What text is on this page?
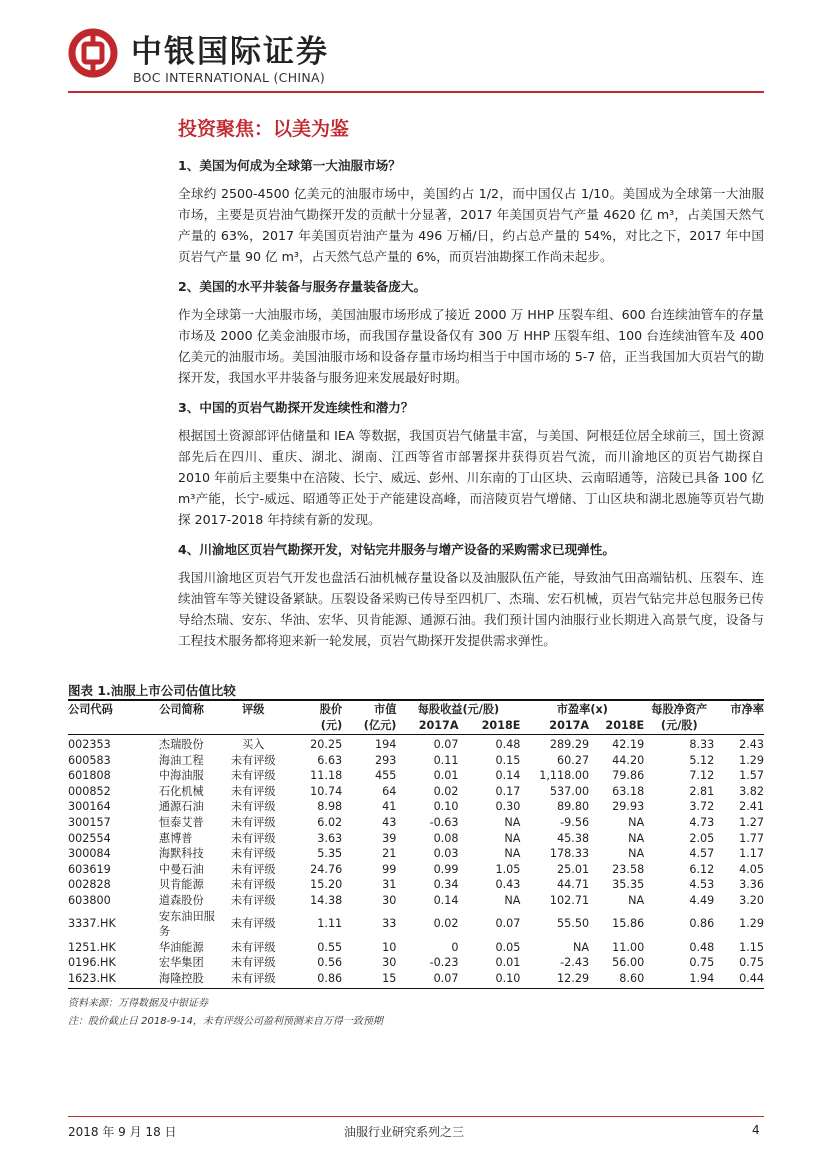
中银国际证券
BOC INTERNATIONAL (CHINA)
投资聚焦：以美为鉴
1、美国为何成为全球第一大油服市场？
全球约 2500-4500 亿美元的油服市场中，美国约占 1/2，而中国仅占 1/10。美国成为全球第一大油服市场，主要是页岩油气勘探开发的贡献十分显著，2017 年美国页岩气产量 4620 亿 m³，占美国天然气产量的 63%，2017 年美国页岩油产量为 496 万桶/日，约占总产量的 54%，对比之下，2017 年中国页岩气产量 90 亿 m³，占天然气总产量的 6%，而页岩油勘探工作尚未起步。
2、美国的水平井装备与服务存量装备庞大。
作为全球第一大油服市场，美国油服市场形成了接近 2000 万 HHP 压裂车组、600 台连续油管车的存量市场及 2000 亿美金油服市场，而我国存量设备仅有 300 万 HHP 压裂车组、100 台连续油管车及 400 亿美元的油服市场。美国油服市场和设备存量市场均相当于中国市场的 5-7 倍，正当我国加大页岩气的勘探开发，我国水平井装备与服务迎来发展最好时期。
3、中国的页岩气勘探开发连续性和潜力？
根据国土资源部评估储量和 IEA 等数据，我国页岩气储量丰富，与美国、阿根廷位居全球前三，国土资源部先后在四川、重庆、湖北、湖南、江西等省市部署探井获得页岩气流，而川渝地区的页岩气勘探自 2010 年前后主要集中在涪陵、长宁、威远、彭州、川东南的丁山区块、云南昭通等，涪陵已具备 100 亿 m³产能，长宁-威远、昭通等正处于产能建设高峰，而涪陵页岩气增储、丁山区块和湖北恩施等页岩气勘探 2017-2018 年持续有新的发现。
4、川渝地区页岩气勘探开发，对钻完井服务与增产设备的采购需求已现弹性。
我国川渝地区页岩气开发也盘活石油机械存量设备以及油服队伍产能，导致油气田高端钻机、压裂车、连续油管车等关键设备紧缺。压裂设备采购已传导至四机厂、杰瑞、宏石机械，页岩气钻完井总包服务已传导给杰瑞、安东、华油、宏华、贝肯能源、通源石油。我们预计国内油服行业长期进入高景气度，设备与工程技术服务都将迎来新一轮发展，页岩气勘探开发提供需求弹性。
图表 1.油服上市公司估值比较
公司代码	公司简称	评级	股价	市值	每股收益(元/股)		市盈率(x)		每股净资产	市净率
			(元)	(亿元)	2017A	2018E	2017A	2018E	(元/股)	
002353	杰瑞股份	买入	20.25	194	0.07	0.48	289.29	42.19	8.33	2.43
600583	海油工程	未有评级	6.63	293	0.11	0.15	60.27	44.20	5.12	1.29
601808	中海油服	未有评级	11.18	455	0.01	0.14	1,118.00	79.86	7.12	1.57
000852	石化机械	未有评级	10.74	64	0.02	0.17	537.00	63.18	2.81	3.82
300164	通源石油	未有评级	8.98	41	0.10	0.30	89.80	29.93	3.72	2.41
300157	恒泰艾普	未有评级	6.02	43	-0.63	NA	-9.56	NA	4.73	1.27
002554	惠博普	未有评级	3.63	39	0.08	NA	45.38	NA	2.05	1.77
300084	海默科技	未有评级	5.35	21	0.03	NA	178.33	NA	4.57	1.17
603619	中曼石油	未有评级	24.76	99	0.99	1.05	25.01	23.58	6.12	4.05
002828	贝肯能源	未有评级	15.20	31	0.34	0.43	44.71	35.35	4.53	3.36
603800	道森股份	未有评级	14.38	30	0.14	NA	102.71	NA	4.49	3.20
3337.HK	安东油田服务	未有评级	1.11	33	0.02	0.07	55.50	15.86	0.86	1.29
1251.HK	华油能源	未有评级	0.55	10	0	0.05	NA	11.00	0.48	1.15
0196.HK	宏华集团	未有评级	0.56	30	-0.23	0.01	-2.43	56.00	0.75	0.75
1623.HK	海隆控股	未有评级	0.86	15	0.07	0.10	12.29	8.60	1.94	0.44
资料来源：万得数据及中银证券
注：股价截止日 2018-9-14，未有评级公司盈利预测来自万得一致预期
2018 年 9 月 18 日	油服行业研究系列之三	4
